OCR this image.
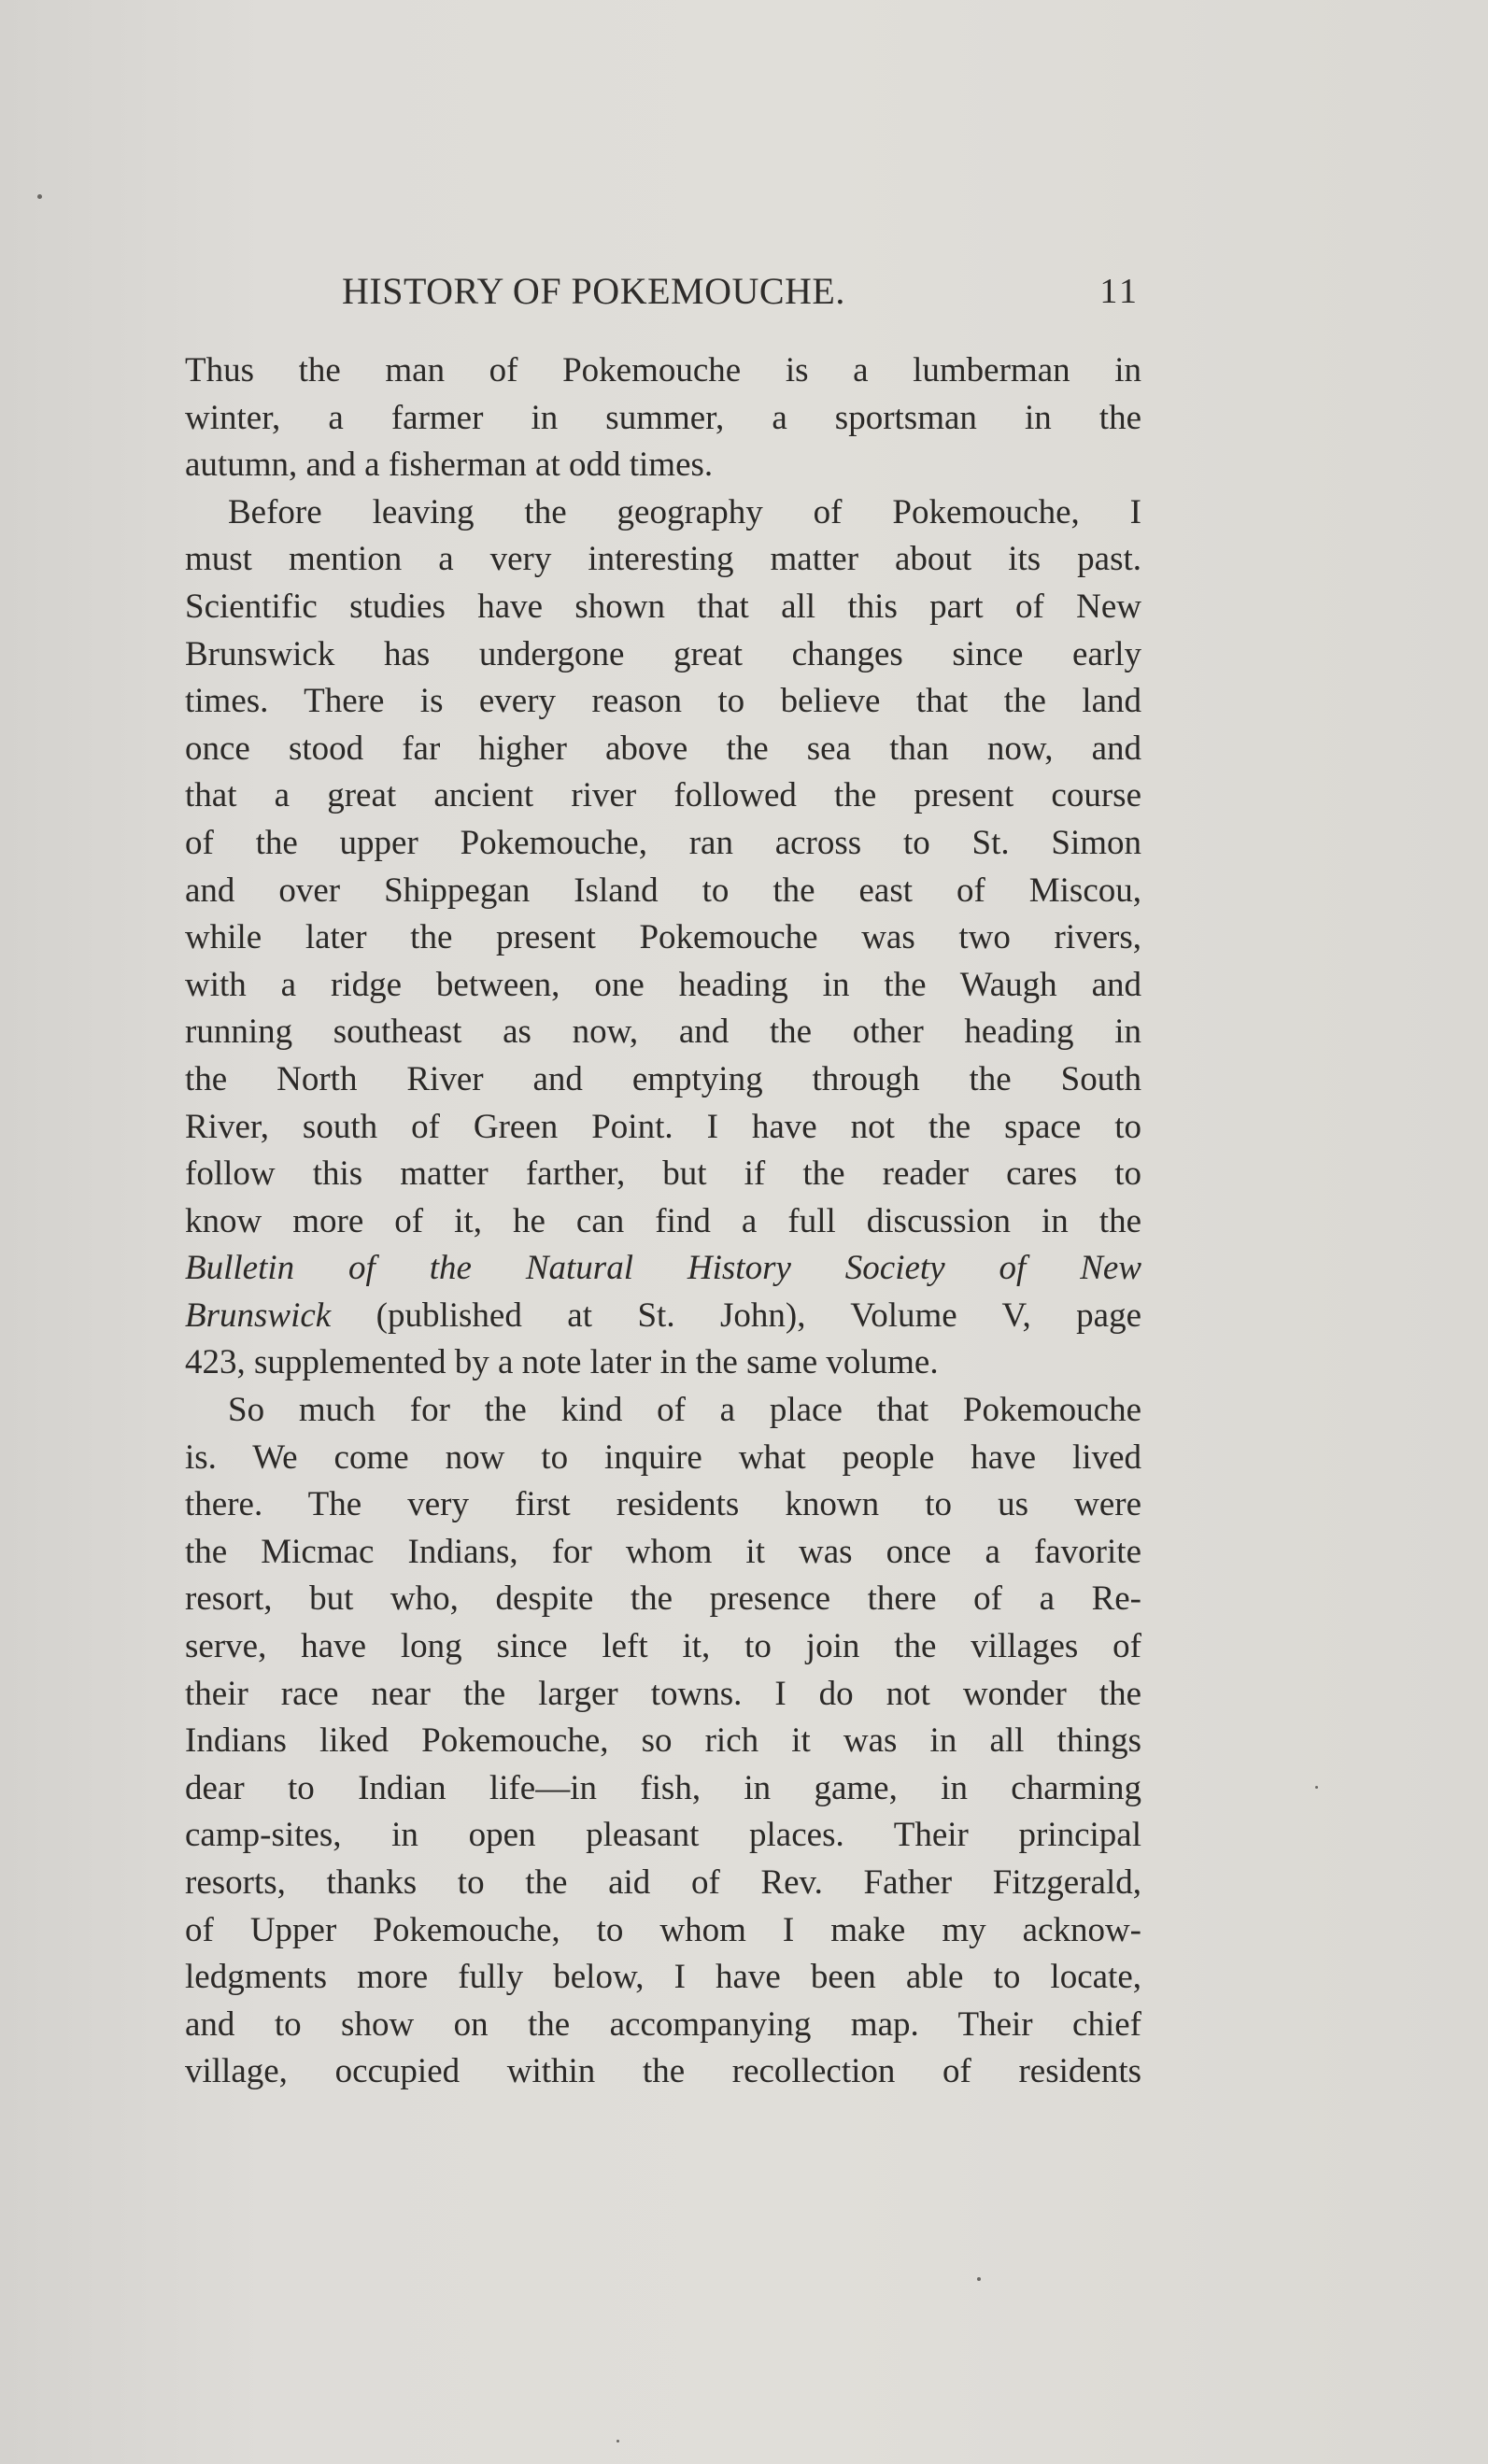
HISTORY OF POKEMOUCHE.	11

Thus the man of Pokemouche is a lumberman in
winter, a farmer in summer, a sportsman in the
autumn, and a fisherman at odd times.

Before leaving the geography of Pokemouche, I
must mention a very interesting matter about its past.
Scientific studies have shown that all this part of New
Brunswick has undergone great changes since early
times. There is every reason to believe that the land
once stood far higher above the sea than now, and
that a great ancient river followed the present course
of the upper Pokemouche, ran across to St. Simon
and over Shippegan Island to the east of Miscou,
while later the present Pokemouche was two rivers,
with a ridge between, one heading in the Waugh and
running southeast as now, and the other heading in
the North River and emptying through the South
River, south of Green Point. I have not the space to
follow this matter farther, but if the reader cares to
know more of it, he can find a full discussion in the
Bulletin of the Natural History Society of New
Brunswick (published at St. John), Volume V, page
423, supplemented by a note later in the same volume.

So much for the kind of a place that Pokemouche
is. We come now to inquire what people have lived
there. The very first residents known to us were
the Micmac Indians, for whom it was once a favorite
resort, but who, despite the presence there of a Re-
serve, have long since left it, to join the villages of
their race near the larger towns. I do not wonder the
Indians liked Pokemouche, so rich it was in all things
dear to Indian life—in fish, in game, in charming
camp-sites, in open pleasant places. Their principal
resorts, thanks to the aid of Rev. Father Fitzgerald,
of Upper Pokemouche, to whom I make my acknow-
ledgments more fully below, I have been able to locate,
and to show on the accompanying map. Their chief
village, occupied within the recollection of residents
